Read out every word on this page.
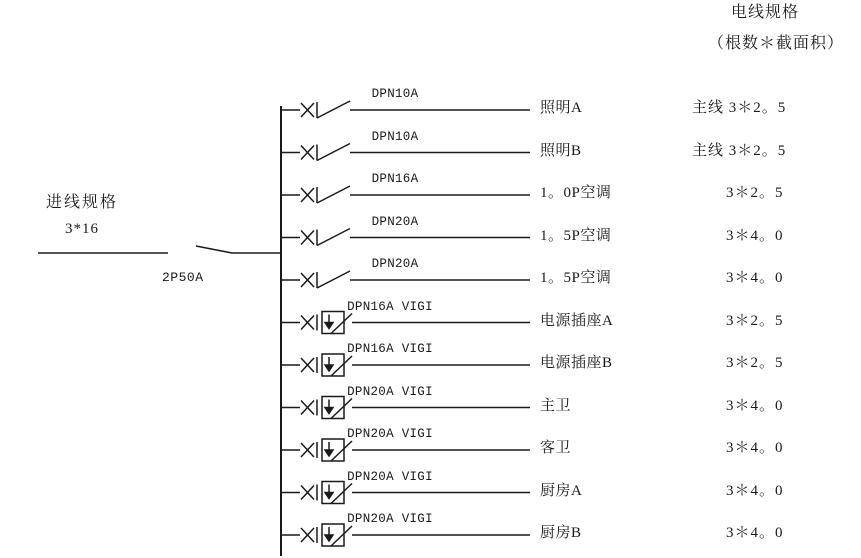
电线规格
（根数＊截面积）
进线规格
3*16
2P50A
DPN10A
照明A	主线 3＊2。5
DPN10A
照明B	主线 3＊2。5
DPN16A
1。0P空调	3＊2。5
DPN20A
1。5P空调	3＊4。0
DPN20A
1。5P空调	3＊4。0
DPN16A VIGI
电源插座A	3＊2。5
DPN16A VIGI
电源插座B	3＊2。5
DPN20A VIGI
主卫	3＊4。0
DPN20A VIGI
客卫	3＊4。0
DPN20A VIGI
厨房A	3＊4。0
DPN20A VIGI
厨房B	3＊4。0
